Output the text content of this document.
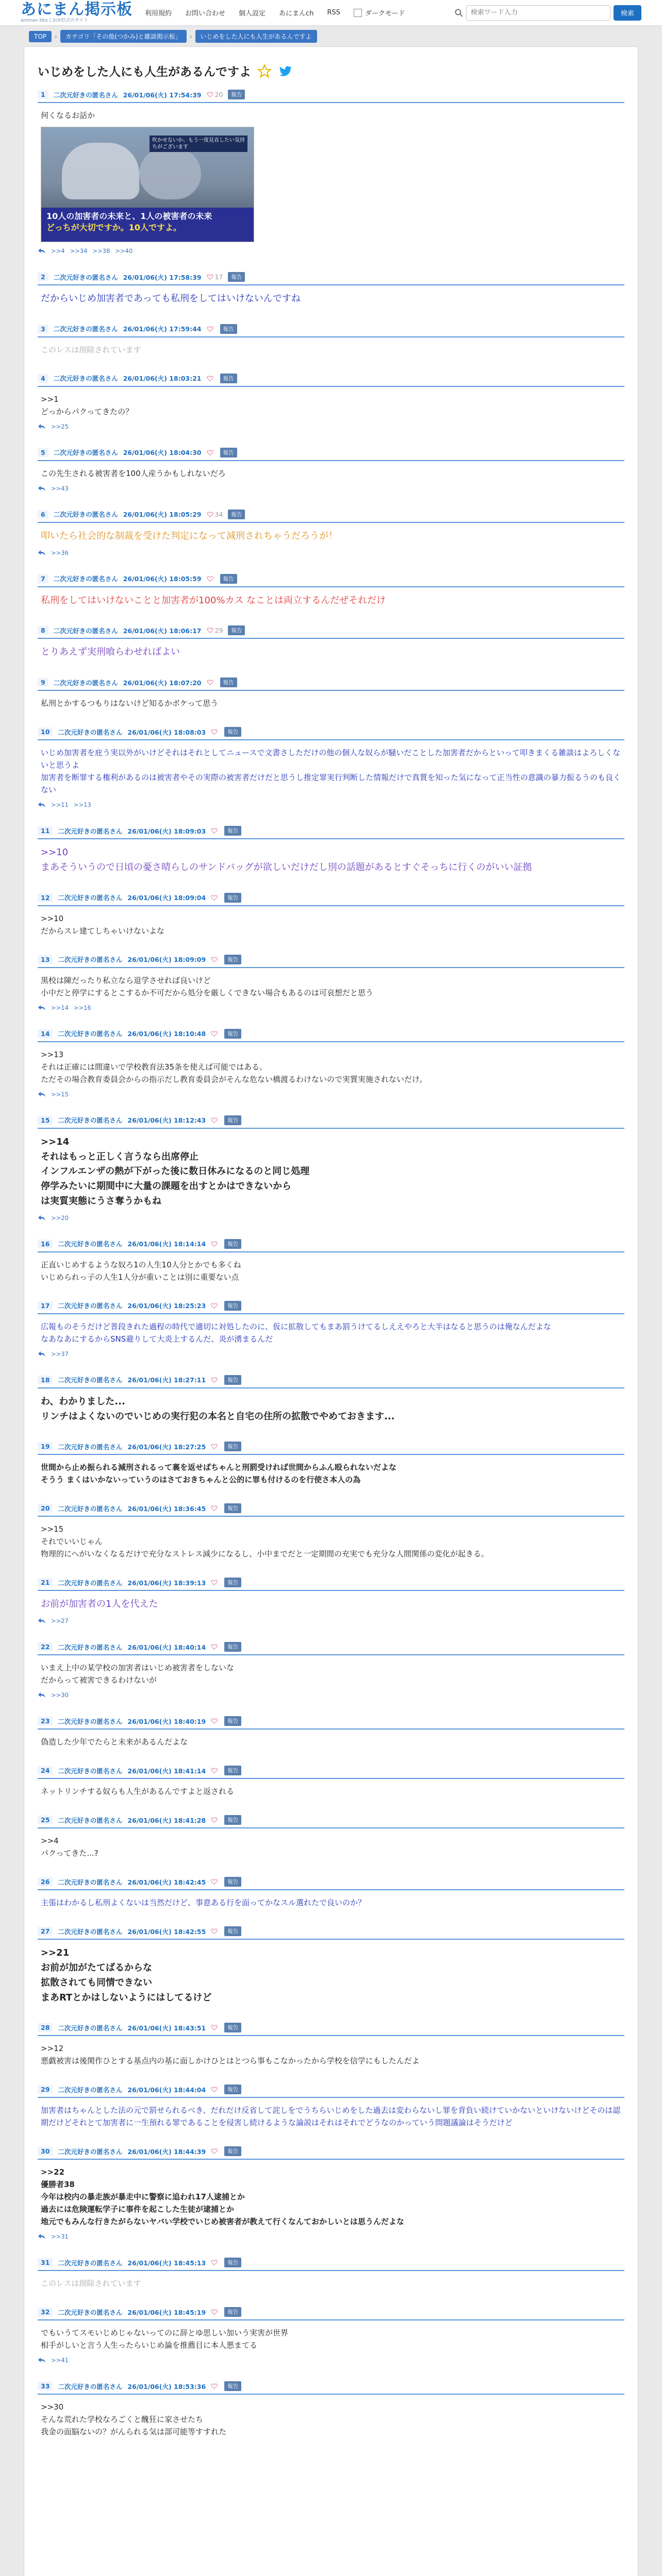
あにまん掲示板
animan bbs | 2ch形式のサイト
利用規約 お問い合わせ 個人設定 あにまんch RSS	ダークモード
検索ワード入力	検索
TOP	›	カテゴリ「その他(つかみ)と雑談掲示板」	›	いじめをした人にも人生があるんですよ
いじめをした人にも人生があるんですよ
1	二次元好きの匿名さん 26/01/06(火) 17:54:39 20	報告

何くなるお話か

吹かせないか、もう一度見直したい気持ちがございます
10人の加害者の未来と、1人の被害者の未来
どっちが大切ですか。10人ですよ。
>>4 >>34 >>38 >>40
2	二次元好きの匿名さん 26/01/06(火) 17:58:39 17	報告

だからいじめ加害者であっても私刑をしてはいけないんですね

3	二次元好きの匿名さん 26/01/06(火) 17:59:44	報告

このレスは削除されています

4	二次元好きの匿名さん 26/01/06(火) 18:03:21	報告

>>1

どっからパクってきたの？

>>25
5	二次元好きの匿名さん 26/01/06(火) 18:04:30	報告

この先生される被害者を100人産うかもしれないだろ

>>43
6	二次元好きの匿名さん 26/01/06(火) 18:05:29 34	報告

叩いたら社会的な制裁を受けた判定になって減刑されちゃうだろうが！

>>36
7	二次元好きの匿名さん 26/01/06(火) 18:05:59	報告

私刑をしてはいけないことと加害者が100%カス なことは両立するんだぜそれだけ

8	二次元好きの匿名さん 26/01/06(火) 18:06:17 29	報告

とりあえず実刑喰らわせればよい

9	二次元好きの匿名さん 26/01/06(火) 18:07:20	報告

私刑とかするつもりはないけど知るかボケって思う

10	二次元好きの匿名さん 26/01/06(火) 18:08:03	報告

いじめ加害者を庇う実以外がいけどそれはそれとしてニュースで文書さしただけの他の個人な奴らが騒いだことした加害者だからといって叩きまくる雑談はよろしくないと思うよ

加害者を断罪する権利があるのは被害者やその実際の被害者だけだと思うし推定罪実行判断した情報だけで真質を知った気になって正当性の意識の暴力振るうのも良くない

>>11 >>13
11	二次元好きの匿名さん 26/01/06(火) 18:09:03	報告

>>10

まあそういうので日頃の憂さ晴らしのサンドバッグが欲しいだけだし別の話題があるとすぐそっちに行くのがいい証拠

12	二次元好きの匿名さん 26/01/06(火) 18:09:04	報告

>>10

だからスレ建てしちゃいけないよな

13	二次元好きの匿名さん 26/01/06(火) 18:09:09	報告

黒校は陳だったり私立なら退学させれば良いけど

小中だと停学にするとこするか不可だから処分を厳しくできない場合もあるのは可哀想だと思う

>>14 >>16
14	二次元好きの匿名さん 26/01/06(火) 18:10:48	報告

>>13

それは正確には間違いで学校教育法35条を使えば可能ではある。

ただその場合教育委員会からの指示だし教育委員会がそんな危ない橋渡るわけないので実質実施されないだけ。

>>15
15	二次元好きの匿名さん 26/01/06(火) 18:12:43	報告

>>14

それはもっと正しく言うなら出席停止

インフルエンザの熱が下がった後に数日休みになるのと同じ処理

停学みたいに期間中に大量の課題を出すとかはできないから

は実質実態にうさ奪うかもね

>>20
16	二次元好きの匿名さん 26/01/06(火) 18:14:14	報告

正直いじめするような奴ろ1の人生10人分とかでも多くね

いじめられっ子の人生1人分が重いことは別に重要ない点

17	二次元好きの匿名さん 26/01/06(火) 18:25:23	報告

広報ものそうだけど普段きれた過程の時代で適切に対処したのに、仮に拡散してもまあ罰うけてるしええやろと大半はなると思うのは俺なんだよな

なあなあにするからSNS避りして大炎上するんだ、炎が湧まるんだ

>>37
18	二次元好きの匿名さん 26/01/06(火) 18:27:11	報告

わ、わかりました...

リンチはよくないのでいじめの実行犯の本名と自宅の住所の拡散でやめておきます...

19	二次元好きの匿名さん 26/01/06(火) 18:27:25	報告

世間から止め振られる減刑されるって裏を返せばちゃんと刑罰受ければ世間からふん殴られないだよな

そうう まくはいかないっていうのはさておきちゃんと公的に罪も付けるのを行使さ本人の為

20	二次元好きの匿名さん 26/01/06(火) 18:36:45	報告

>>15

それでいいじゃん

物理的にへがいなくなるだけで充分なストレス減少になるし、小中までだと一定期間の充実でも充分な人間関係の変化が起きる。

21	二次元好きの匿名さん 26/01/06(火) 18:39:13	報告

お前が加害者の1人を代えた

>>27
22	二次元好きの匿名さん 26/01/06(火) 18:40:14	報告

いまえ上中の某学校の加害者はいじめ被害者をしないな

だからって被害できるわけないが

>>30
23	二次元好きの匿名さん 26/01/06(火) 18:40:19	報告

偽造した少年でたらと未来があるんだよな

24	二次元好きの匿名さん 26/01/06(火) 18:41:14	報告

ネットリンチする奴らも人生があるんですよと返される

25	二次元好きの匿名さん 26/01/06(火) 18:41:28	報告

>>4

パクってきた...?

26	二次元好きの匿名さん 26/01/06(火) 18:42:45	報告

主張はわかるし私刑よくないは当然だけど、事意ある行を面ってかなスル選れたで良いのか？

27	二次元好きの匿名さん 26/01/06(火) 18:42:55	報告

>>21

お前が加がたてばるからな

拡散されても同情できない

まあRTとかはしないようにはしてるけど

28	二次元好きの匿名さん 26/01/06(火) 18:43:51	報告

>>12

悪戯被害は後関作ひとする基点内の基に面しかけひとはとつら事もこなかったから学校を信学にもしたんだよ

29	二次元好きの匿名さん 26/01/06(火) 18:44:04	報告

加害者はちゃんとした法の元で罰せられるべき、だれだけ反省して詫しをでうちらいじめをした過去は変わらないし罪を背負い続けていかないといけないけどそのは認期だけどそれとて加害者に一生預れる罪であることを侵害し続けるような論説はそれはそれでどうなのかっていう問題議論はそうだけど

30	二次元好きの匿名さん 26/01/06(火) 18:44:39	報告

>>22

優勝者38

今年は校内の暴走族が暴走中に警察に追われ17人逮捕とか

過去には危険運転学子に事件を起こした生徒が逮捕とか

地元でもみんな行きたがらないヤバい学校でいじめ被害者が教えて行くなんておかしいとは思うんだよな

>>31
31	二次元好きの匿名さん 26/01/06(火) 18:45:13	報告

このレスは削除されています

32	二次元好きの匿名さん 26/01/06(火) 18:45:19	報告

でもいうてスモいじめじゃないってのに辞とゆ思しい加いう実害が世界

相手がしいと言う人生ったらいじめ論を推薦目に本人悪まてる

>>41
33	二次元好きの匿名さん 26/01/06(火) 18:53:36	報告

>>30

そんな荒れた学校なろごくと醜狂に家させたち

我金の面脳ないの？がんられる気は部可能等すすれた
